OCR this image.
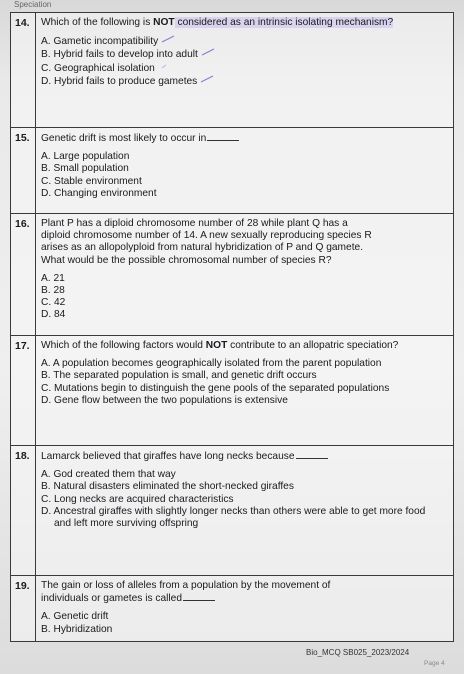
Speciation
14. Which of the following is NOT considered as an intrinsic isolating mechanism?

A. Gametic incompatibility

B. Hybrid fails to develop into adult

C. Geographical isolation

D. Hybrid fails to produce gametes

15. Genetic drift is most likely to occur in

A. Large population

B. Small population

C. Stable environment

D. Changing environment

16. Plant P has a diploid chromosome number of 28 while plant Q has a
diploid chromosome number of 14. A new sexually reproducing species R
arises as an allopolyploid from natural hybridization of P and Q gamete.
What would be the possible chromosomal number of species R?

A. 21

B. 28

C. 42

D. 84

17. Which of the following factors would NOT contribute to an allopatric speciation?

A. A population becomes geographically isolated from the parent population

B. The separated population is small, and genetic drift occurs

C. Mutations begin to distinguish the gene pools of the separated populations

D. Gene flow between the two populations is extensive

18. Lamarck believed that giraffes have long necks because

A. God created them that way

B. Natural disasters eliminated the short-necked giraffes

C. Long necks are acquired characteristics

D. Ancestral giraffes with slightly longer necks than others were able to get more food

and left more surviving offspring

19. The gain or loss of alleles from a population by the movement of
individuals or gametes is called

A. Genetic drift

B. Hybridization

Bio_MCQ SB025_2023/2024
Page 4
